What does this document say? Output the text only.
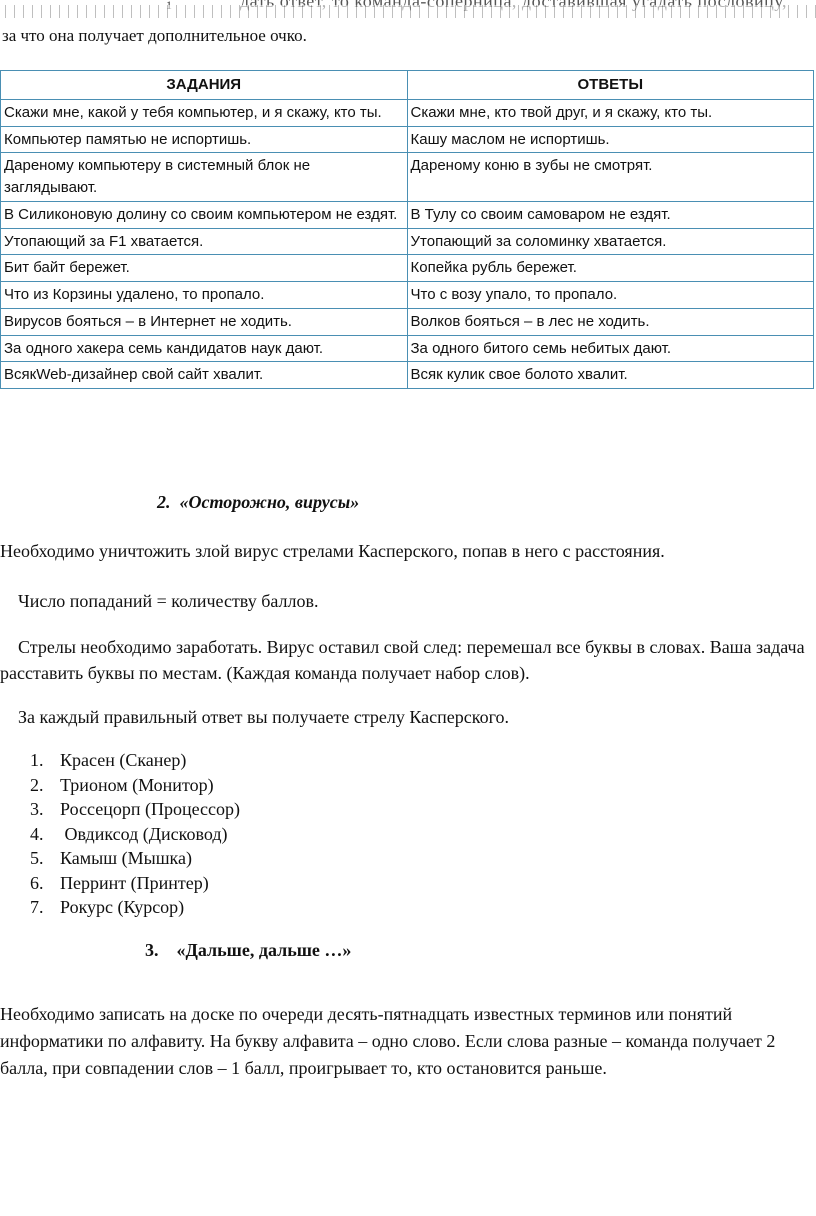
за что она получает дополнительное очко.
ЗАДАНИЯ	ОТВЕТЫ
Скажи мне, какой у тебя компьютер, и я скажу, кто ты.	Скажи мне, кто твой друг, и я скажу, кто ты.
Компьютер памятью не испортишь.	Кашу маслом не испортишь.
Дареному компьютеру в системный блок не заглядывают.	Дареному коню в зубы не смотрят.
В Силиконовую долину со своим компьютером не ездят.	В Тулу со своим самоваром не ездят.
Утопающий за F1 хватается.	Утопающий за соломинку хватается.
Бит байт бережет.	Копейка рубль бережет.
Что из Корзины удалено, то пропало.	Что с возу упало, то пропало.
Вирусов бояться – в Интернет не ходить.	Волков бояться – в лес не ходить.
За одного хакера семь кандидатов наук дают.	За одного битого семь небитых дают.
ВсякWeb-дизайнер свой сайт хвалит.	Всяк кулик свое болото хвалит.
2. «Осторожно, вирусы»
Необходимо уничтожить злой вирус стрелами Касперского, попав в него с расстояния.
Число попаданий = количеству баллов.
Стрелы необходимо заработать. Вирус оставил свой след: перемешал все буквы в словах. Ваша задача расставить буквы по местам. (Каждая команда получает набор слов).
За каждый правильный ответ вы получаете стрелу Касперского.
1. Красен (Сканер)
2. Трионом (Монитор)
3. Россецорп (Процессор)
4. Овдиксод (Дисковод)
5. Камыш (Мышка)
6. Перринт (Принтер)
7. Рокурс (Курсор)
3. «Дальше, дальше …»
Необходимо записать на доске по очереди десять-пятнадцать известных терминов или понятий информатики по алфавиту. На букву алфавита – одно слово. Если слова разные – команда получает 2 балла, при совпадении слов – 1 балл, проигрывает то, кто остановится раньше.
